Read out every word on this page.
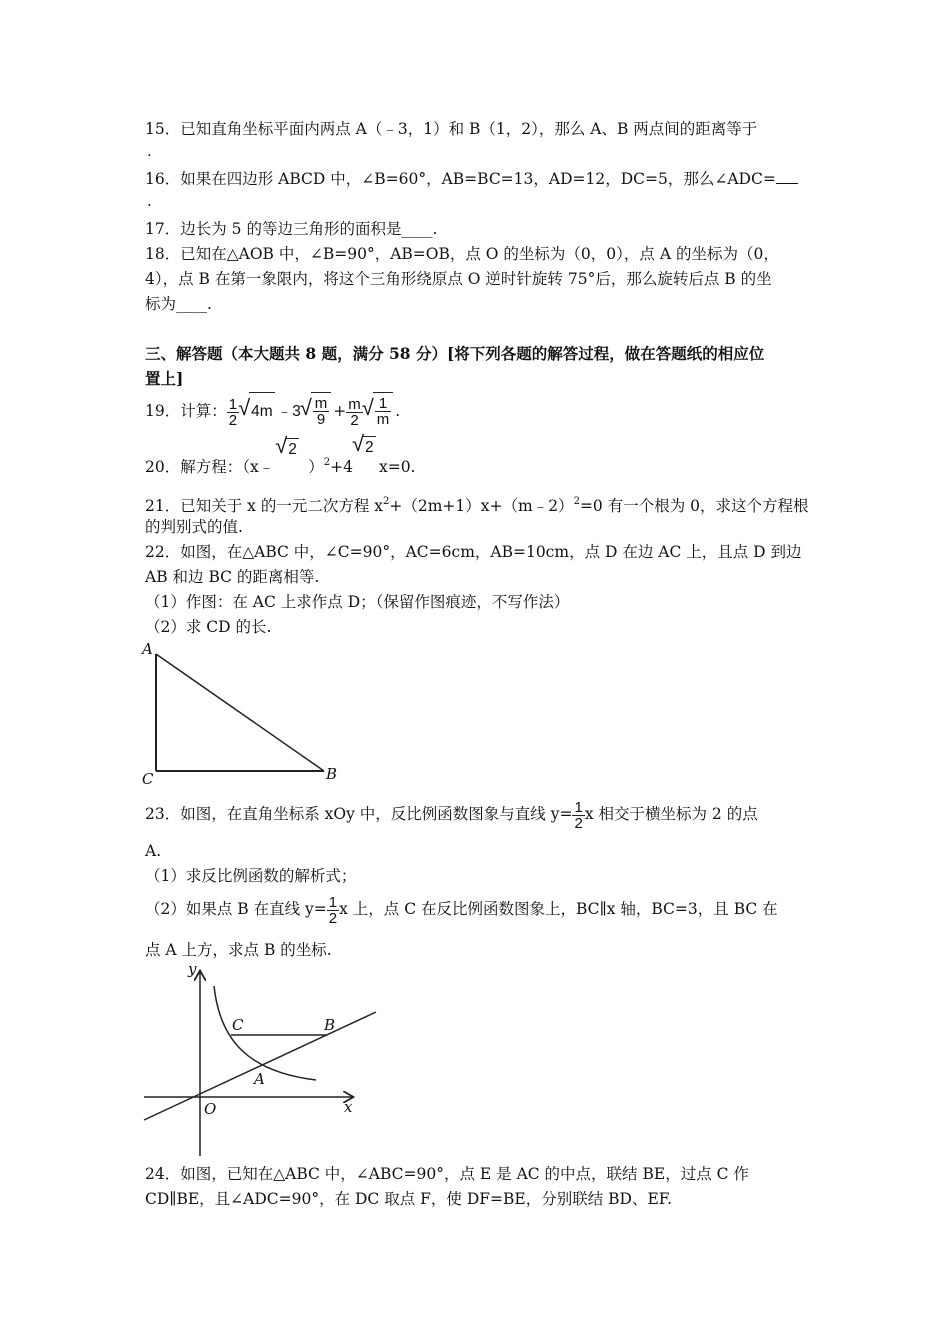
15．已知直角坐标平面内两点 A（﹣3，1）和 B（1，2），那么 A、B 两点间的距离等于
.
16．如果在四边形 ABCD 中，∠B=60°，AB=BC=13，AD=12，DC=5，那么∠ADC=
.
17．边长为 5 的等边三角形的面积是____.
18．已知在△AOB 中，∠B=90°，AB=OB，点 O 的坐标为（0，0），点 A 的坐标为（0，
4），点 B 在第一象限内，将这个三角形绕原点 O 逆时针旋转 75°后，那么旋转后点 B 的坐
标为____.
三、解答题（本大题共 8 题，满分 58 分）[将下列各题的解答过程，做在答题纸的相应位
置上]
19．计算： $\frac{1}{2}$ √ 4m ﹣3 √ $\frac{m}{9} + \frac{m}{2}$ √ $\frac{1}{m}$ .
20．解方程：（x﹣
√ 2
）$^2$+4
√ 2
x=0.
21．已知关于 x 的一元二次方程 $x^2+(2m+1)x+(m﹣2)^2=0$ 有一个根为 0，求这个方程根
的判别式的值.
22．如图，在△ABC 中，∠C=90°，AC=6cm，AB=10cm，点 D 在边 AC 上，且点 D 到边
AB 和边 BC 的距离相等.
（1）作图：在 AC 上求作点 D；（保留作图痕迹，不写作法）
（2）求 CD 的长.
A
C	B
23．如图，在直角坐标系 xOy 中，反比例函数图象与直线 $y= \frac{1}{2}$ x 相交于横坐标为 2 的点
A.
（1）求反比例函数的解析式；
（2）如果点 B 在直线 $y= \frac{1}{2}$ x 上，点 C 在反比例函数图象上，BC∥x 轴，BC=3，且 BC 在
点 A 上方，求点 B 的坐标.
y
x
O
A
C	B
24．如图，已知在△ABC 中，∠ABC=90°，点 E 是 AC 的中点，联结 BE，过点 C 作
CD∥BE，且∠ADC=90°，在 DC 取点 F，使 DF=BE，分别联结 BD、EF.
